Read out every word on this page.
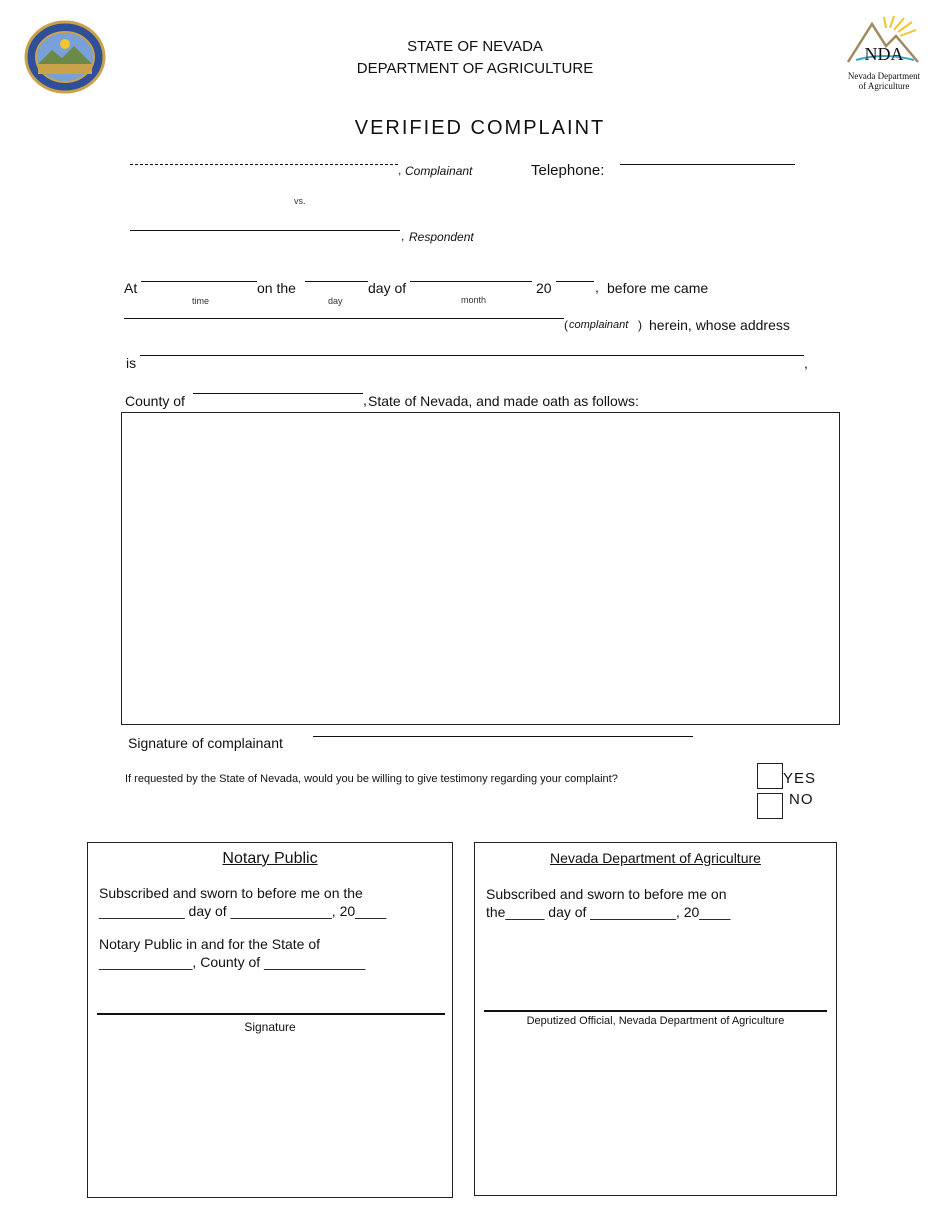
STATE OF NEVADA
DEPARTMENT OF AGRICULTURE
NDA
Nevada Department
of Agriculture
VERIFIED COMPLAINT
, Complainant	Telephone:
vs.
, Respondent
At
time
on the
day
day of
month
20	, before me came
( complainant ) herein, whose address
is	,
County of	, State of Nevada, and made oath as follows:
Signature of complainant
If requested by the State of Nevada, would you be willing to give testimony regarding your complaint?	YES
NO
Notary Public
Subscribed and sworn to before me on the
___________ day of _____________, 20____
Notary Public in and for the State of
____________, County of _____________
Signature
Nevada Department of Agriculture
Subscribed and sworn to before me on
the_____ day of ___________, 20____
Deputized Official, Nevada Department of Agriculture
